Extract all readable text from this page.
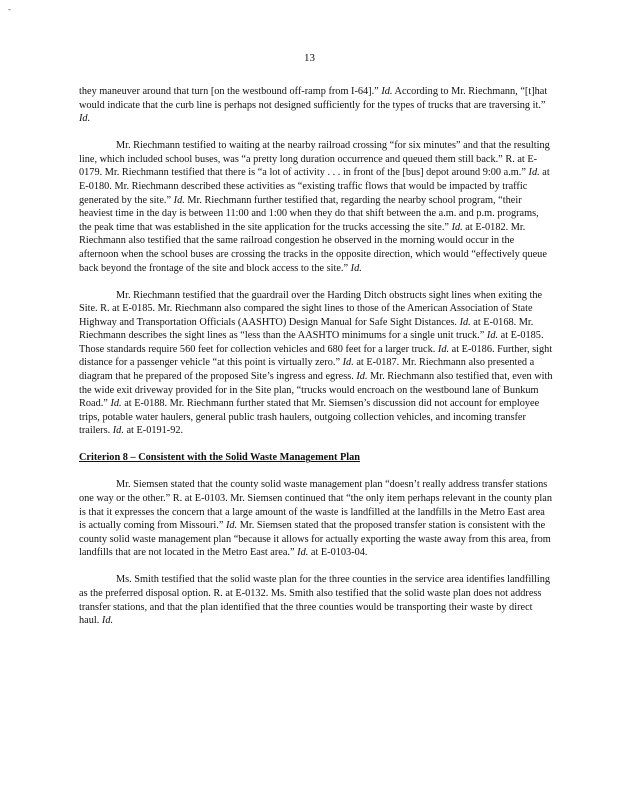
-
13

they maneuver around that turn [on the westbound off-ramp from I-64].” Id. According to Mr. Riechmann, “[t]hat would indicate that the curb line is perhaps not designed sufficiently for the types of trucks that are traversing it.” Id.

Mr. Riechmann testified to waiting at the nearby railroad crossing “for six minutes” and that the resulting line, which included school buses, was “a pretty long duration occurrence and queued them still back.” R. at E-0179. Mr. Riechmann testified that there is “a lot of activity . . . in front of the [bus] depot around 9:00 a.m.” Id. at E-0180. Mr. Riechmann described these activities as “existing traffic flows that would be impacted by traffic generated by the site.” Id. Mr. Riechmann further testified that, regarding the nearby school program, “their heaviest time in the day is between 11:00 and 1:00 when they do that shift between the a.m. and p.m. programs, the peak time that was established in the site application for the trucks accessing the site.” Id. at E-0182. Mr. Riechmann also testified that the same railroad congestion he observed in the morning would occur in the afternoon when the school buses are crossing the tracks in the opposite direction, which would “effectively queue back beyond the frontage of the site and block access to the site.” Id.

Mr. Riechmann testified that the guardrail over the Harding Ditch obstructs sight lines when exiting the Site. R. at E-0185. Mr. Riechmann also compared the sight lines to those of the American Association of State Highway and Transportation Officials (AASHTO) Design Manual for Safe Sight Distances. Id. at E-0168. Mr. Riechmann describes the sight lines as “less than the AASHTO minimums for a single unit truck.” Id. at E-0185. Those standards require 560 feet for collection vehicles and 680 feet for a larger truck. Id. at E-0186. Further, sight distance for a passenger vehicle “at this point is virtually zero.” Id. at E-0187. Mr. Riechmann also presented a diagram that he prepared of the proposed Site’s ingress and egress. Id. Mr. Riechmann also testified that, even with the wide exit driveway provided for in the Site plan, “trucks would encroach on the westbound lane of Bunkum Road.” Id. at E-0188. Mr. Riechmann further stated that Mr. Siemsen’s discussion did not account for employee trips, potable water haulers, general public trash haulers, outgoing collection vehicles, and incoming transfer trailers. Id. at E-0191-92.

Criterion 8 – Consistent with the Solid Waste Management Plan

Mr. Siemsen stated that the county solid waste management plan “doesn’t really address transfer stations one way or the other.” R. at E-0103. Mr. Siemsen continued that “the only item perhaps relevant in the county plan is that it expresses the concern that a large amount of the waste is landfilled at the landfills in the Metro East area is actually coming from Missouri.” Id. Mr. Siemsen stated that the proposed transfer station is consistent with the county solid waste management plan “because it allows for actually exporting the waste away from this area, from landfills that are not located in the Metro East area.” Id. at E-0103-04.

Ms. Smith testified that the solid waste plan for the three counties in the service area identifies landfilling as the preferred disposal option. R. at E-0132. Ms. Smith also testified that the solid waste plan does not address transfer stations, and that the plan identified that the three counties would be transporting their waste by direct haul. Id.
